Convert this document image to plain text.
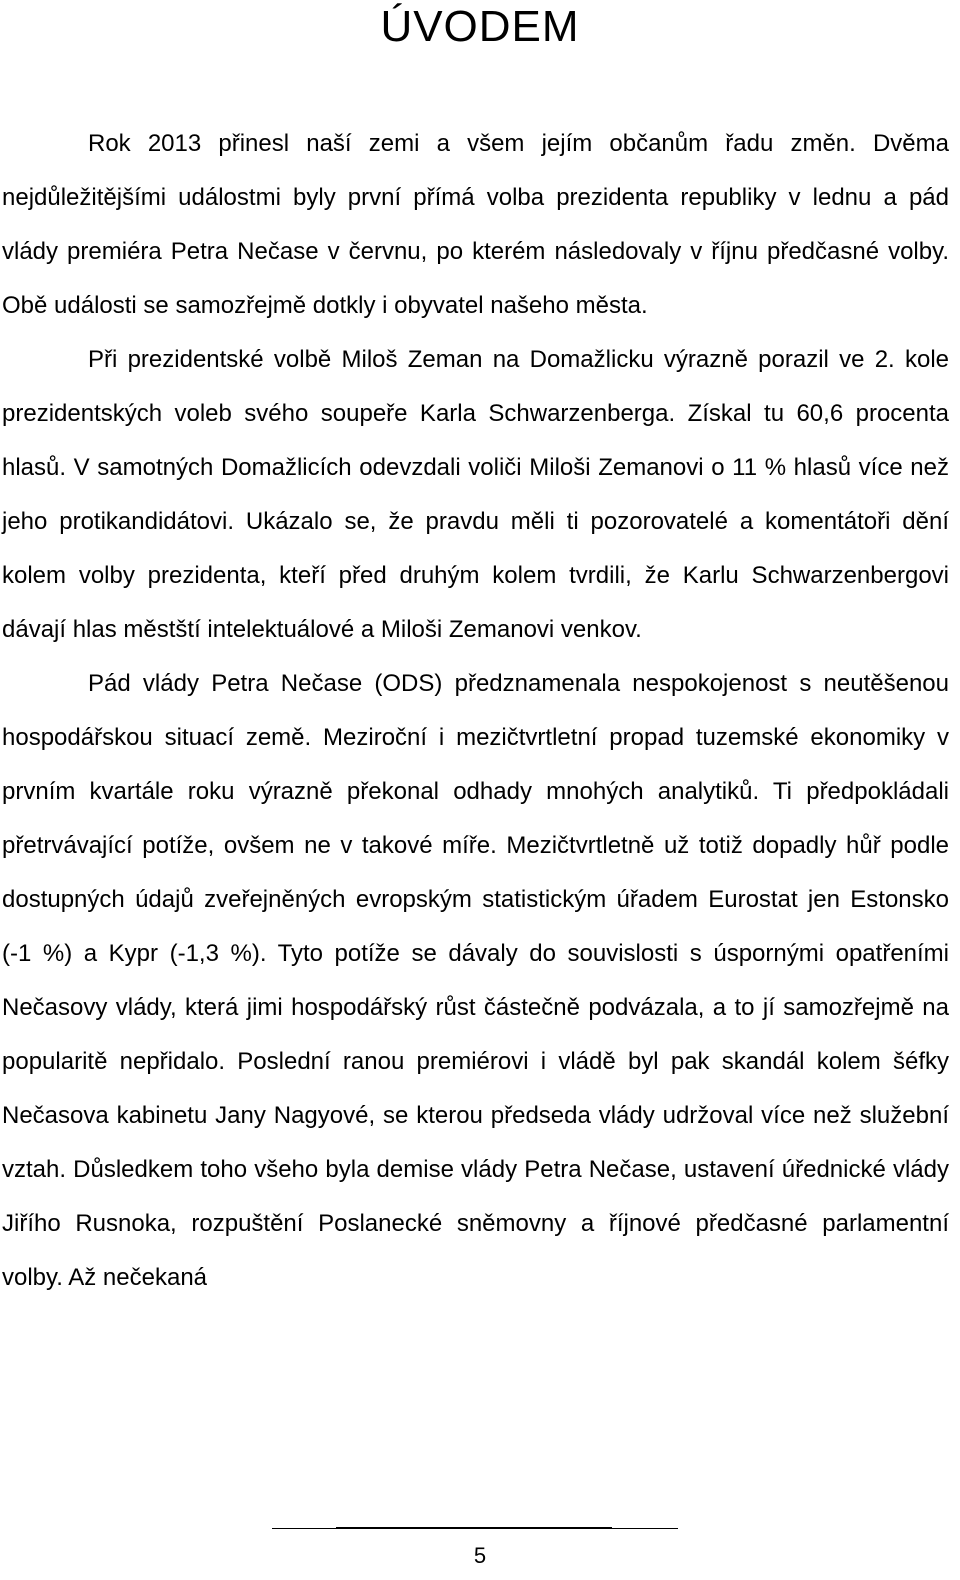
ÚVODEM

Rok 2013 přinesl naší zemi a všem jejím občanům řadu změn. Dvěma nejdůležitějšími událostmi byly první přímá volba prezidenta republiky v lednu a pád vlády premiéra Petra Nečase v červnu, po kterém následovaly v říjnu předčasné volby. Obě události se samozřejmě dotkly i obyvatel našeho města.

Při prezidentské volbě Miloš Zeman na Domažlicku výrazně porazil ve 2. kole prezidentských voleb svého soupeře Karla Schwarzenberga. Získal tu 60,6 procenta hlasů. V samotných Domažlicích odevzdali voliči Miloši Zemanovi o 11 % hlasů více než jeho protikandidátovi. Ukázalo se, že pravdu měli ti pozorovatelé a komentátoři dění kolem volby prezidenta, kteří před druhým kolem tvrdili, že Karlu Schwarzenbergovi dávají hlas městští intelektuálové a Miloši Zemanovi venkov.

Pád vlády Petra Nečase (ODS) předznamenala nespokojenost s neutěšenou hospodářskou situací země. Meziroční i mezičtvrtletní propad tuzemské ekonomiky v prvním kvartále roku výrazně překonal odhady mnohých analytiků. Ti předpokládali přetrvávající potíže, ovšem ne v takové míře. Mezičtvrtletně už totiž dopadly hůř podle dostupných údajů zveřejněných evropským statistickým úřadem Eurostat jen Estonsko (-1 %) a Kypr (-1,3 %). Tyto potíže se dávaly do souvislosti s úspornými opatřeními Nečasovy vlády, která jimi hospodářský růst částečně podvázala, a to jí samozřejmě na popularitě nepřidalo. Poslední ranou premiérovi i vládě byl pak skandál kolem šéfky Nečasova kabinetu Jany Nagyové, se kterou předseda vlády udržoval více než služební vztah. Důsledkem toho všeho byla demise vlády Petra Nečase, ustavení úřednické vlády Jiřího Rusnoka, rozpuštění Poslanecké sněmovny a říjnové předčasné parlamentní volby. Až nečekaná

5
